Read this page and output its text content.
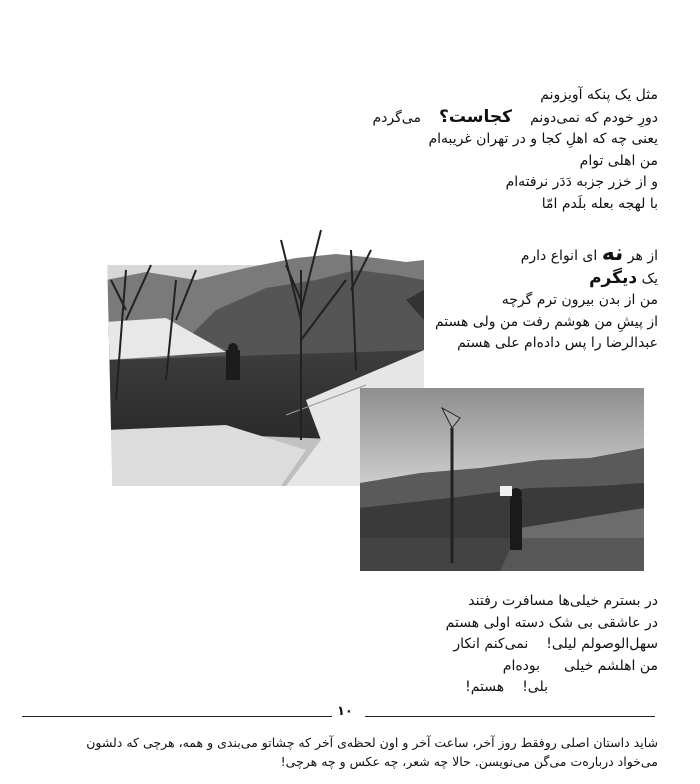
مثل یک پنکه آویزونم
دورِ خودم که نمی‌دونمکجاست؟می‌گردم
یعنی چه که اهلِ کجا و در تهران غریبه‌ام
من اهلی توام
و از خزر جزبه دَدَر نرفته‌ام
با لهجه بعله بلَدم امّا
از هر نه ای انواع دارم
یک دیگرم
من از بدن بیرون ترم گرچه
از پیشِ من هوشم رفت من ولی هستم
عبدالرضا را پس داده‌ام علی هستم
در بسترم خیلی‌ها مسافرت رفتند
در عاشقی بی شک دسته اولی هستم
سهل‌الوصولم لیلی!نمی‌کنم انکار
من اهلشم خیلیبوده‌ام
بلی!هستم!
۱۰
شاید داستان اصلی روفقط روز آخر، ساعت آخر و اون لحظه‌ی آخر که چشاتو می‌بندی و همه، هرچی که دلشون
می‌خواد درباره‌ت می‌گن می‌نویسن. حالا چه شعر، چه عکس و چه هرچی!
